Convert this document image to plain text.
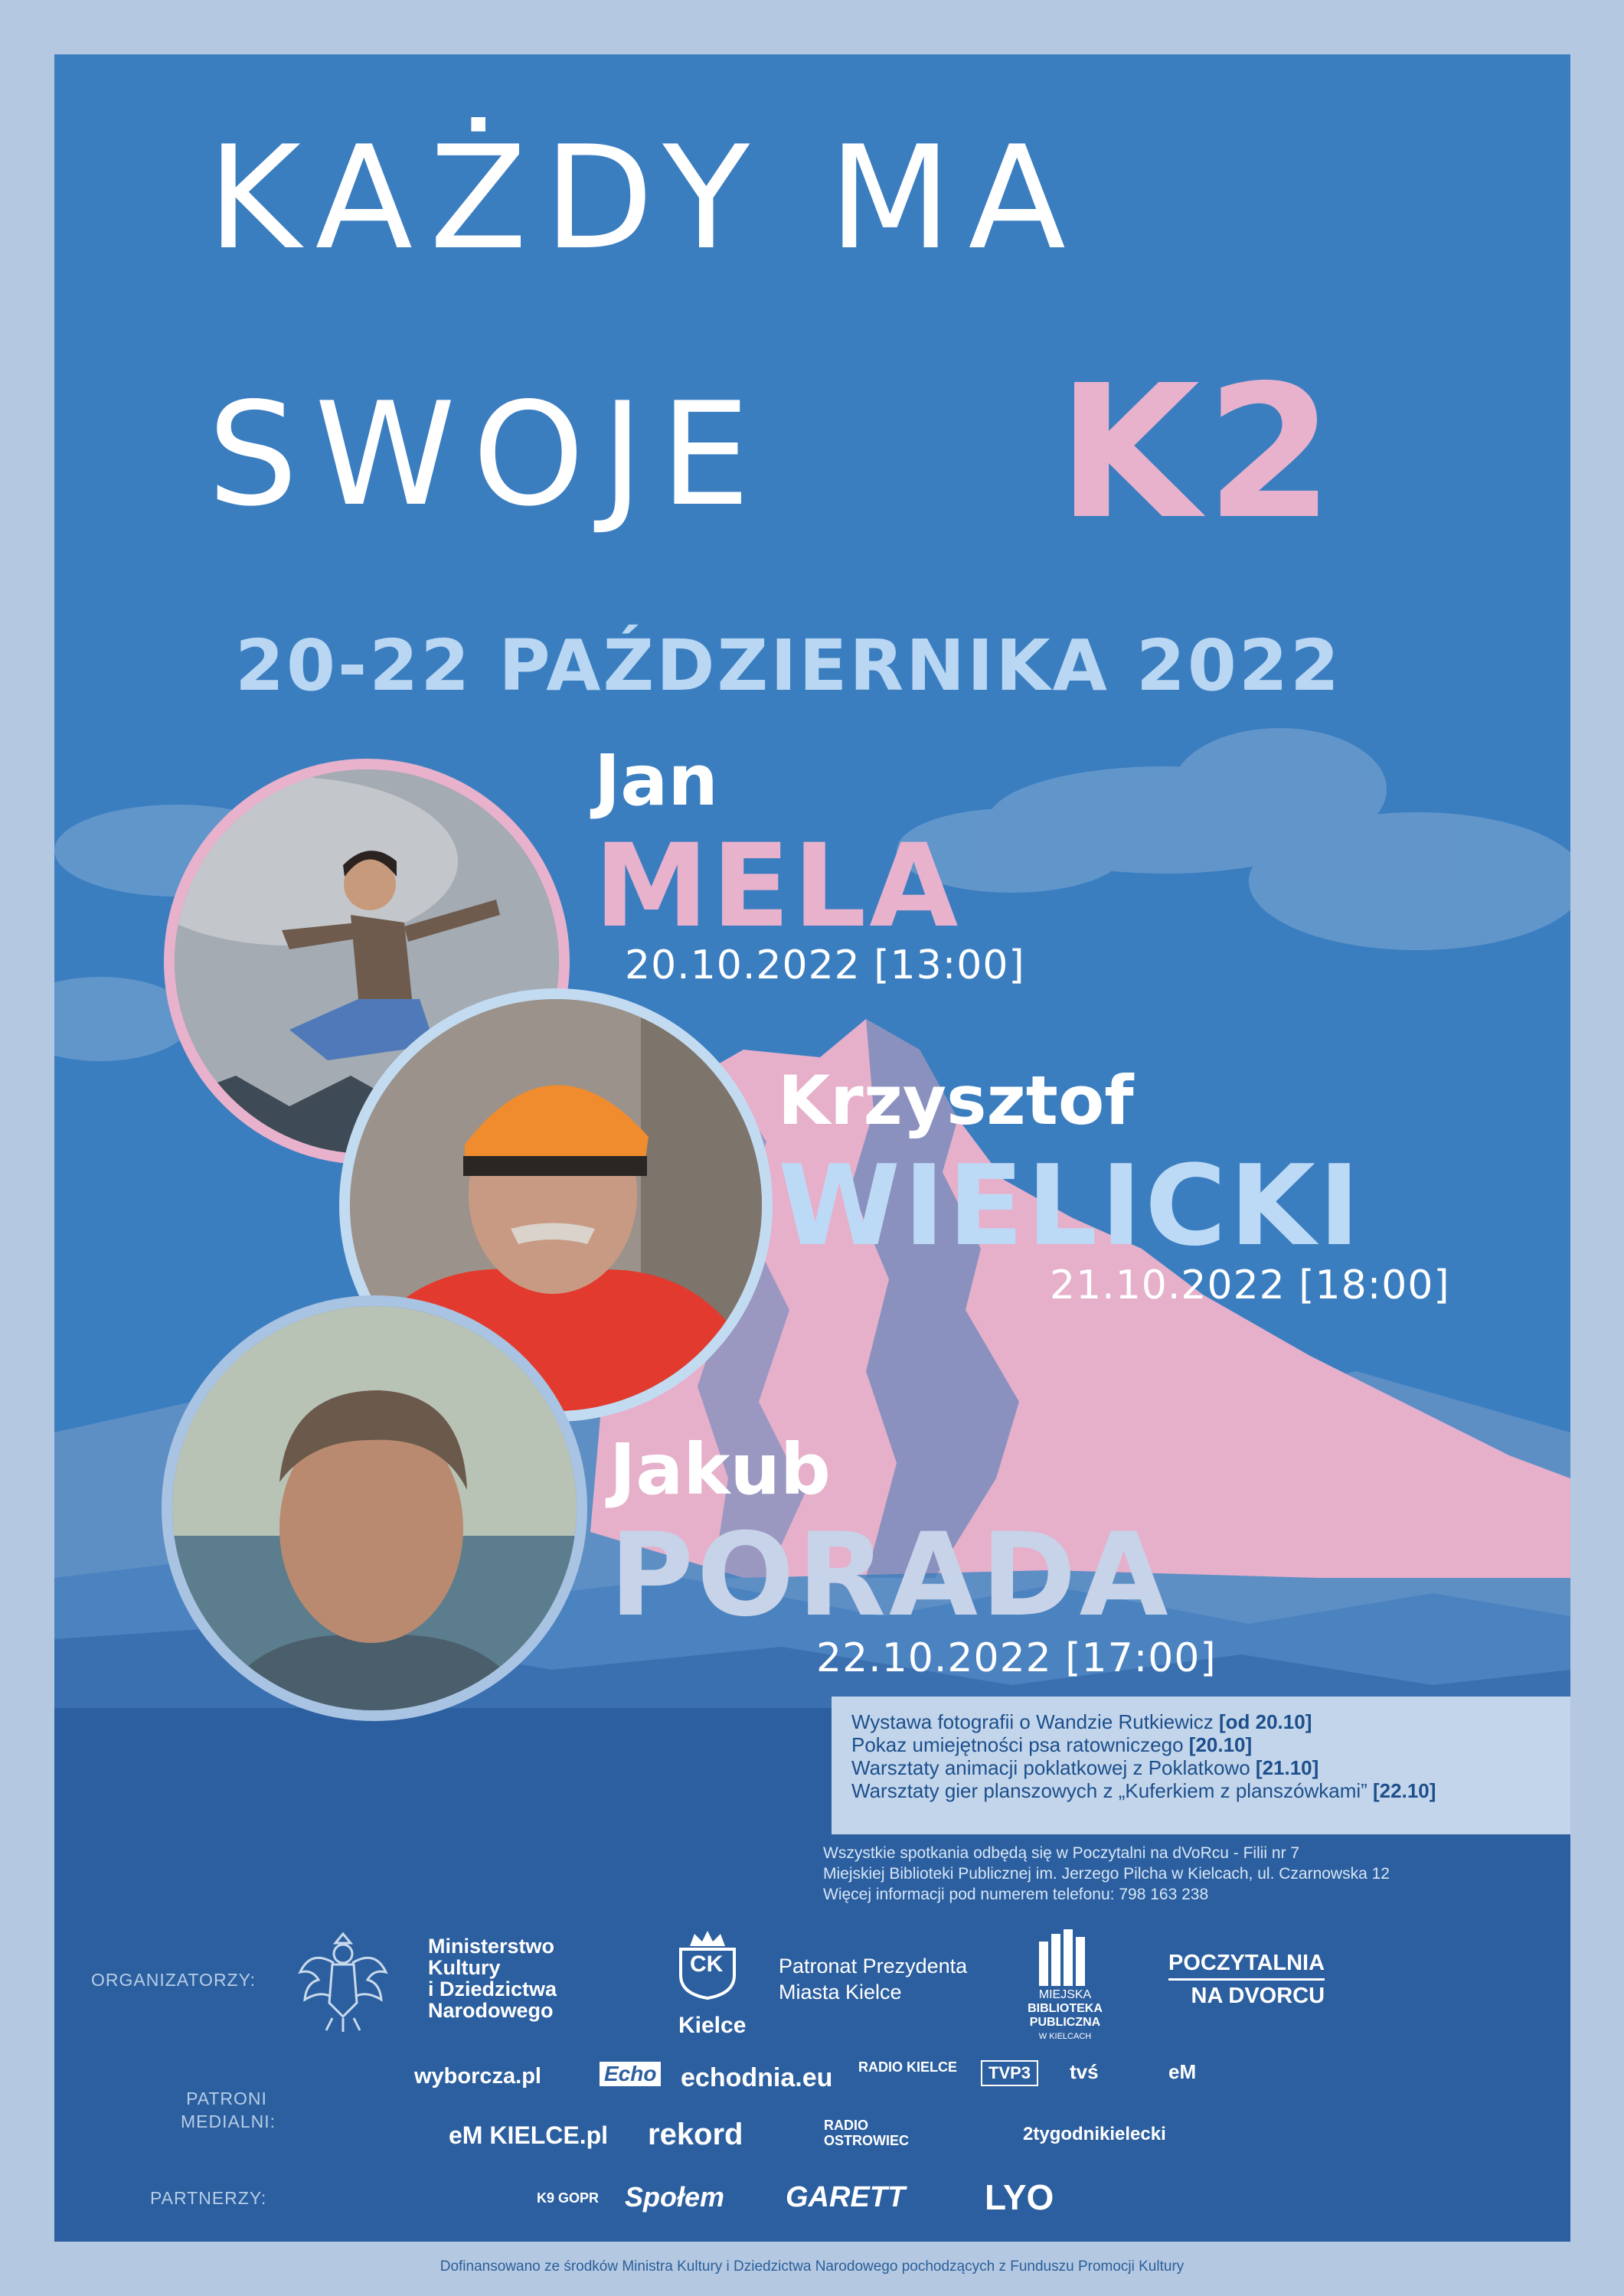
KAŻDY MA
SWOJE K2
20-22 PAŹDZIERNIKA 2022
Jan
MELA
20.10.2022 [13:00]
Krzysztof
WIELICKI
21.10.2022 [18:00]
Jakub
PORADA
22.10.2022 [17:00]
Wystawa fotografii o Wandzie Rutkiewicz [od 20.10]
Pokaz umiejętności psa ratowniczego [20.10]
Warsztaty animacji poklatkowej z Poklatkowo [21.10]
Warsztaty gier planszowych z „Kuferkiem z planszówkami” [22.10]
Wszystkie spotkania odbędą się w Poczytalni na dVoRcu - Filii nr 7
Miejskiej Biblioteki Publicznej im. Jerzego Pilcha w Kielcach, ul. Czarnowska 12
Więcej informacji pod numerem telefonu: 798 163 238
ORGANIZATORZY:
Ministerstwo
Kultury
i Dziedzictwa
Narodowego
CK
Kielce
Patronat Prezydenta
Miasta Kielce	MIEJSKA
BIBLIOTEKA
PUBLICZNA
W KIELCACH
POCZYTALNIA
NA DVORCU
PATRONI
MEDIALNI:
wyborcza.pl	Echo echodnia.eu RADIO KIELCE	TVP3	tvś	eM
eM KIELCE.pl rekord	RADIO OSTROWIEC	2tygodnikielecki
PARTNERZY:	K9 GOPR Społem GARETT LYO
Dofinansowano ze środków Ministra Kultury i Dziedzictwa Narodowego pochodzących z Funduszu Promocji Kultury
